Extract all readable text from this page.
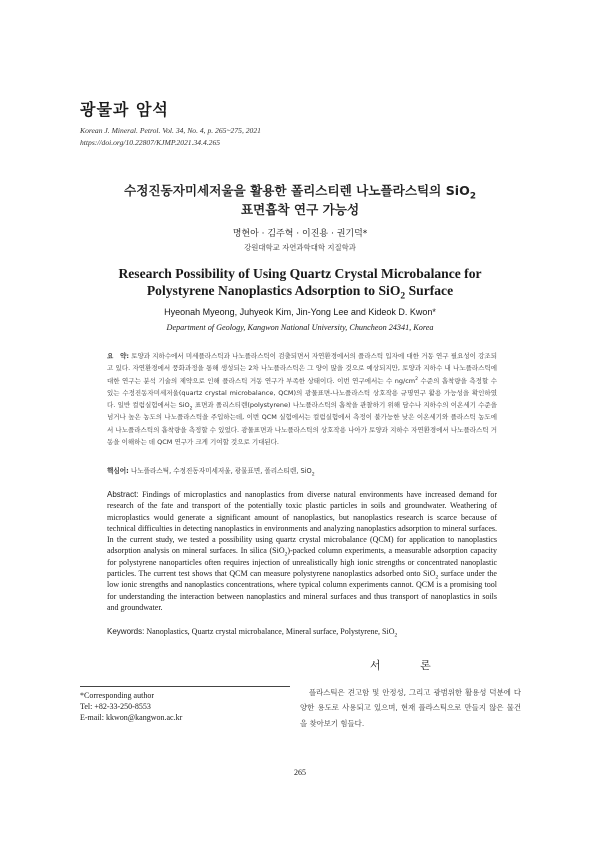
광물과 암석
Korean J. Mineral. Petrol. Vol. 34, No. 4, p. 265~275, 2021
https://doi.org/10.22807/KJMP.2021.34.4.265
수정진동자미세저울을 활용한 폴리스티렌 나노플라스틱의 SiO$_2$
표면흡착 연구 가능성
명현아 · 김주혁 · 이진용 · 권기덕*
강원대학교 자연과학대학 지질학과
Research Possibility of Using Quartz Crystal Microbalance for
Polystyrene Nanoplastics Adsorption to SiO$_2$ Surface
Hyeonah Myeong, Juhyeok Kim, Jin-Yong Lee and Kideok D. Kwon*
Department of Geology, Kangwon National University, Chuncheon 24341, Korea
요　약: 토양과 지하수에서 미세플라스틱과 나노플라스틱이 검출되면서 자연환경에서의 플라스틱 입자에 대한 거동 연구 필요성이 강조되고 있다. 자연환경에서 풍화과정을 통해 생성되는 2차 나노플라스틱은 그 양이 많을 것으로 예상되지만, 토양과 지하수 내 나노플라스틱에 대한 연구는 분석 기술의 제약으로 인해 플라스틱 거동 연구가 부족한 상태이다. 이번 연구에서는 수 $ng/cm^2$ 수준의 흡착량을 측정할 수 있는 수정진동자미세저울(quartz crystal microbalance, QCM)의 광물표면-나노플라스틱 상호작용 규명연구 활용 가능성을 확인하였다. 일반 컬럼실험에서는 SiO$_2$ 표면과 폴리스티렌(polystyrene) 나노플라스틱의 흡착을 관찰하기 위해 담수나 지하수의 이온세기 수준을 넘거나 높은 농도의 나노플라스틱을 주입하는데, 이번 QCM 실험에서는 컬럼실험에서 측정이 불가능한 낮은 이온세기와 플라스틱 농도에서 나노플라스틱의 흡착량을 측정할 수 있었다. 광물표면과 나노플라스틱의 상호작용 나아가 토양과 지하수 자연환경에서 나노플라스틱 거동을 이해하는 데 QCM 연구가 크게 기여할 것으로 기대된다.
핵심어: 나노플라스틱, 수정진동자미세저울, 광물표면, 폴리스티렌, SiO$_2$
Abstract: Findings of microplastics and nanoplastics from diverse natural environments have increased demand for research of the fate and transport of the potentially toxic plastic particles in soils and groundwater. Weathering of microplastics would generate a significant amount of nanoplastics, but nanoplastics research is scarce because of technical difficulties in detecting nanoplastics in environments and analyzing nanoplastics adsorption to mineral surfaces. In the current study, we tested a possibility using quartz crystal microbalance (QCM) for application to nanoplastics adsorption analysis on mineral surfaces. In silica (SiO$_2$)-packed column experiments, a measurable adsorption capacity for polystyrene nanoparticles often requires injection of unrealistically high ionic strengths or concentrated nanoplastic particles. The current test shows that QCM can measure polystyrene nanoplastics adsorbed onto SiO$_2$ surface under the low ionic strengths and nanoplastics concentrations, where typical column experiments cannot. QCM is a promising tool for understanding the interaction between nanoplastics and mineral surfaces and thus transport of nanoplastics in soils and groundwater.
Keywords: Nanoplastics, Quartz crystal microbalance, Mineral surface, Polystyrene, SiO$_2$
서 론
*Corresponding author
Tel: +82-33-250-8553
E-mail: kkwon@kangwon.ac.kr
플라스틱은 견고함 및 안정성, 그리고 광범위한 활용성 덕분에 다양한 용도로 사용되고 있으며, 현재 플라스틱으로 만들지 않은 물건을 찾아보기 힘들다.
265
